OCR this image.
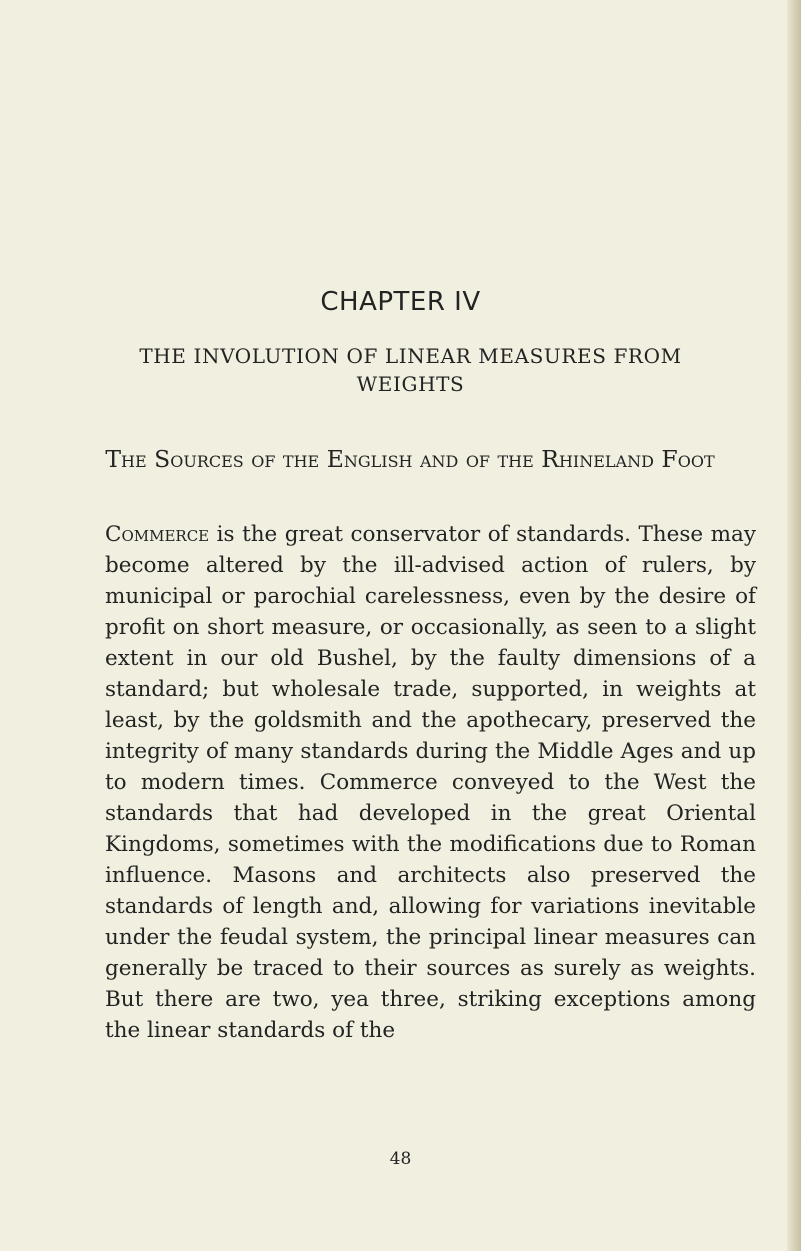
CHAPTER IV
THE INVOLUTION OF LINEAR MEASURES FROM WEIGHTS
The Sources of the English and of the Rhineland Foot

Commerce is the great conservator of standards. These may become altered by the ill-advised action of rulers, by municipal or parochial carelessness, even by the desire of profit on short measure, or occasionally, as seen to a slight extent in our old Bushel, by the faulty dimensions of a standard; but wholesale trade, supported, in weights at least, by the goldsmith and the apothecary, preserved the integrity of many standards during the Middle Ages and up to modern times. Commerce conveyed to the West the standards that had developed in the great Oriental Kingdoms, sometimes with the modifications due to Roman influence. Masons and architects also preserved the standards of length and, allowing for variations inevitable under the feudal system, the principal linear measures can generally be traced to their sources as surely as weights. But there are two, yea three, striking exceptions among the linear standards of the

48
